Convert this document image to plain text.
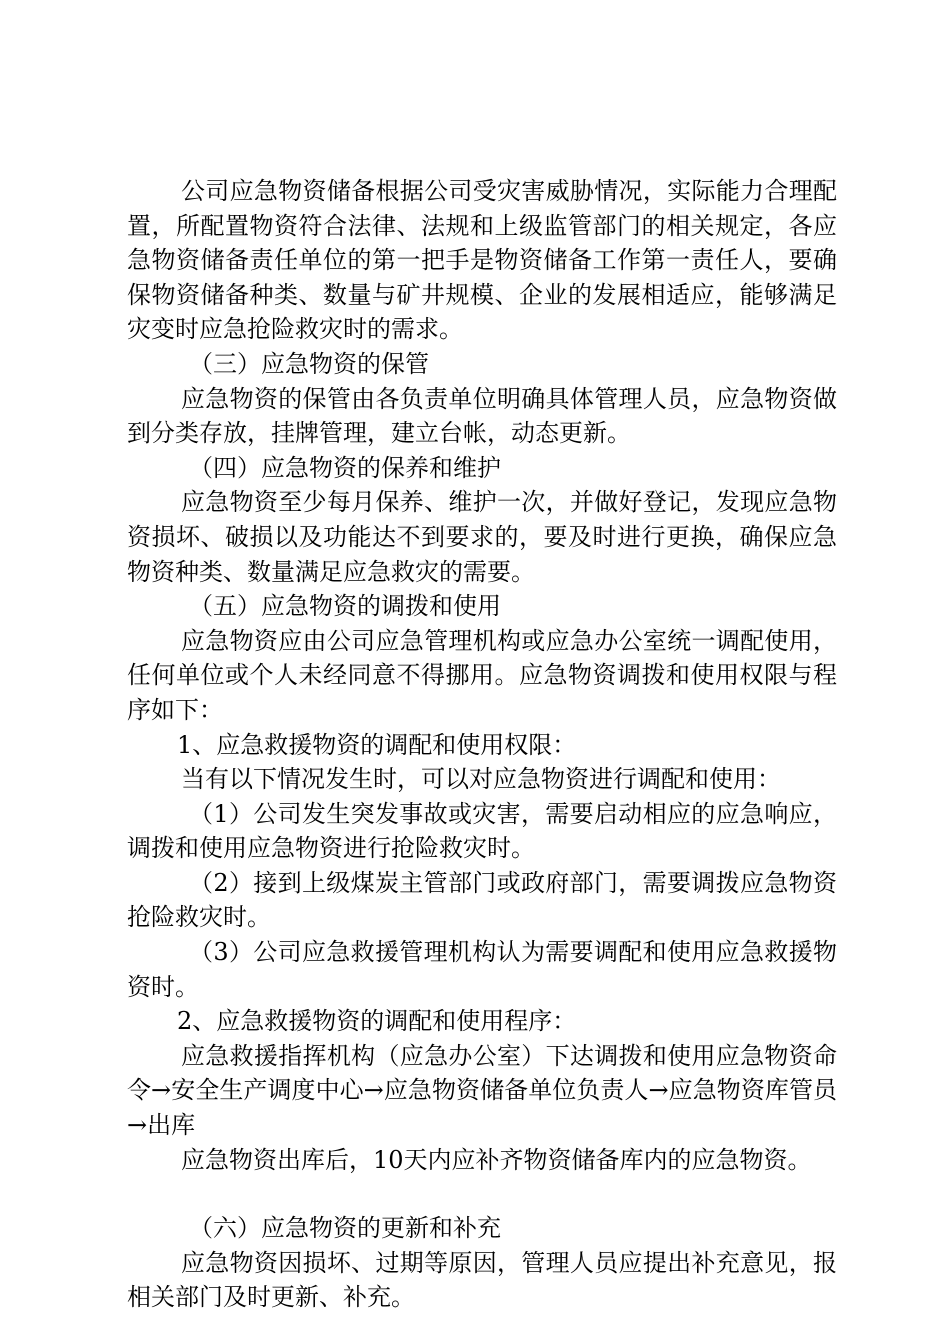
公司应急物资储备根据公司受灾害威胁情况，实际能力合理配置，所配置物资符合法律、法规和上级监管部门的相关规定，各应急物资储备责任单位的第一把手是物资储备工作第一责任人，要确保物资储备种类、数量与矿井规模、企业的发展相适应，能够满足灾变时应急抢险救灾时的需求。

（三）应急物资的保管

应急物资的保管由各负责单位明确具体管理人员，应急物资做到分类存放，挂牌管理，建立台帐，动态更新。

（四）应急物资的保养和维护

应急物资至少每月保养、维护一次，并做好登记，发现应急物资损坏、破损以及功能达不到要求的，要及时进行更换，确保应急物资种类、数量满足应急救灾的需要。

（五）应急物资的调拨和使用

应急物资应由公司应急管理机构或应急办公室统一调配使用，任何单位或个人未经同意不得挪用。应急物资调拨和使用权限与程序如下：

1、应急救援物资的调配和使用权限：

当有以下情况发生时，可以对应急物资进行调配和使用：

（1）公司发生突发事故或灾害，需要启动相应的应急响应，调拨和使用应急物资进行抢险救灾时。

（2）接到上级煤炭主管部门或政府部门，需要调拨应急物资抢险救灾时。

（3）公司应急救援管理机构认为需要调配和使用应急救援物资时。

2、应急救援物资的调配和使用程序：

应急救援指挥机构（应急办公室）下达调拨和使用应急物资命令→安全生产调度中心→应急物资储备单位负责人→应急物资库管员→出库

应急物资出库后，10天内应补齐物资储备库内的应急物资。

（六）应急物资的更新和补充

应急物资因损坏、过期等原因，管理人员应提出补充意见，报相关部门及时更新、补充。
